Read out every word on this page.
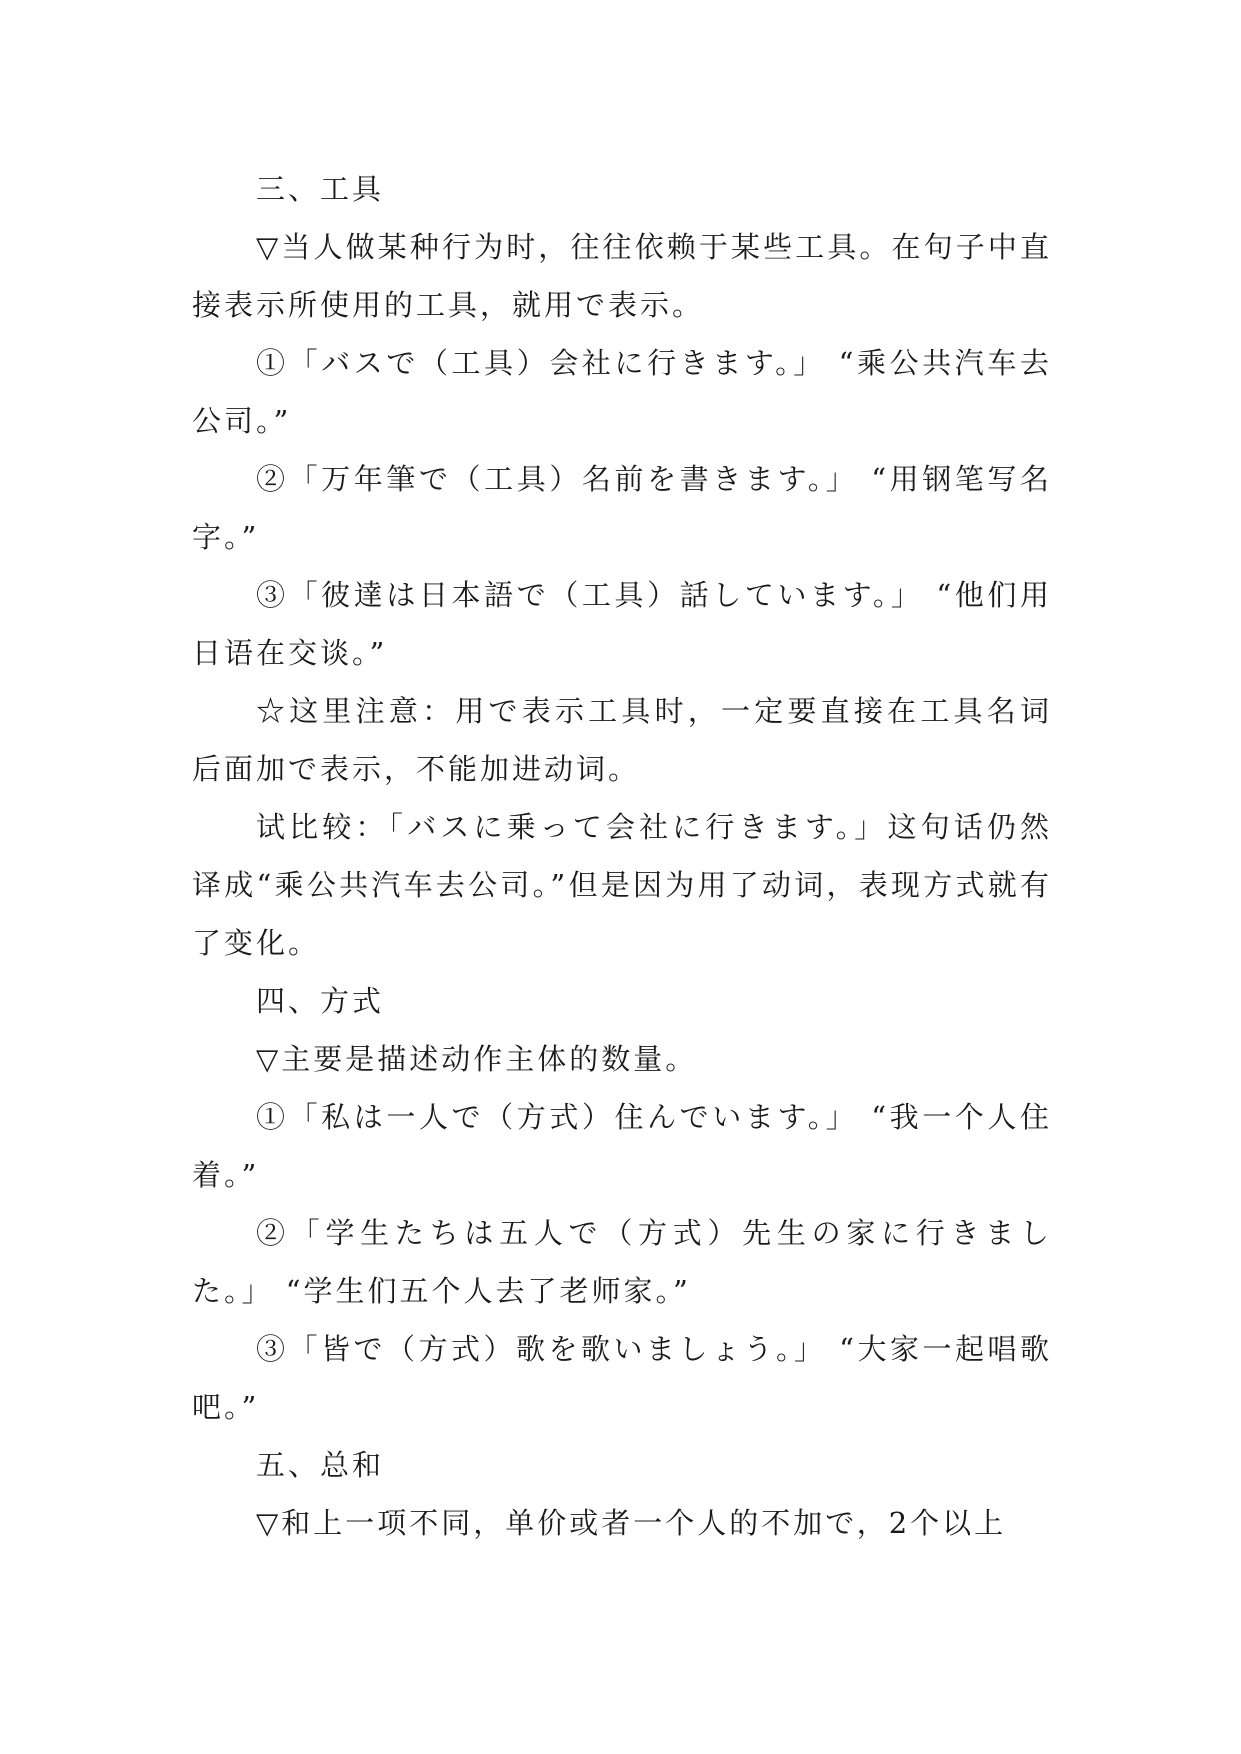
三、工具

▽当人做某种行为时，往往依赖于某些工具。在句子中直接表示所使用的工具，就用で表示。

①「バスで（工具）会社に行きます。」 “乘公共汽车去公司。”

②「万年筆で（工具）名前を書きます。」 “用钢笔写名字。”

③「彼達は日本語で（工具）話しています。」 “他们用日语在交谈。”

☆这里注意：用で表示工具时，一定要直接在工具名词后面加で表示，不能加进动词。

试比较：「バスに乗って会社に行きます。」这句话仍然译成“乘公共汽车去公司。”但是因为用了动词，表现方式就有了变化。

四、方式

▽主要是描述动作主体的数量。

①「私は一人で（方式）住んでいます。」 “我一个人住着。”

②「学生たちは五人で（方式）先生の家に行きました。」 “学生们五个人去了老师家。”

③「皆で（方式）歌を歌いましょう。」 “大家一起唱歌吧。”

五、总和

▽和上一项不同，单价或者一个人的不加で，2个以上
